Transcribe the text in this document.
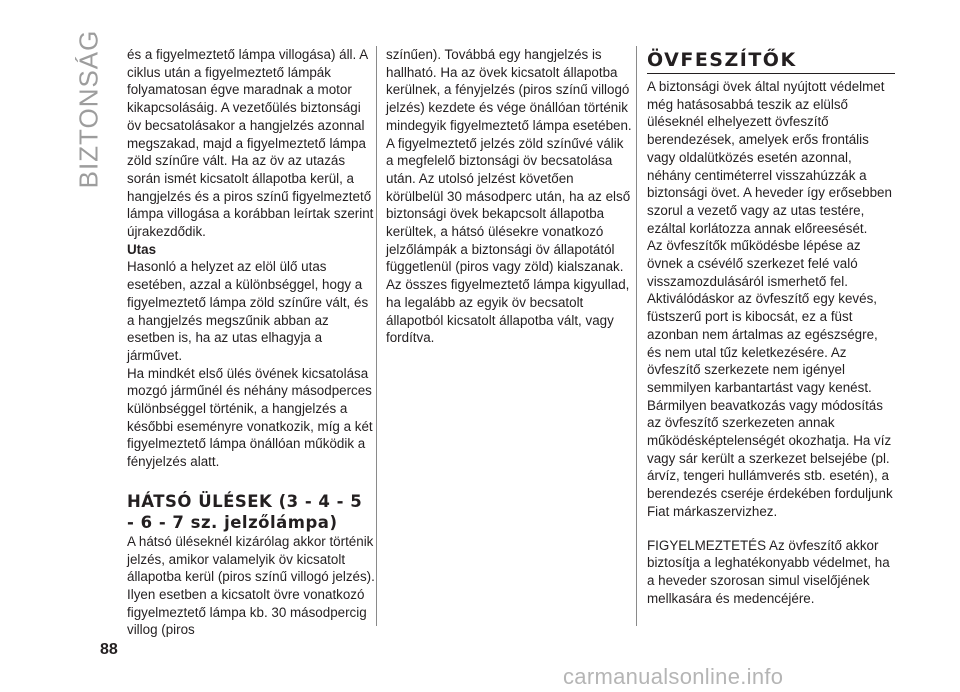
BIZTONSÁG és a figyelmeztető lámpa villogása) áll. A ciklus után a figyelmeztető lámpák folyamatosan égve maradnak a motor kikapcsolásáig. A vezetőülés biztonsági öv becsatolásakor a hangjelzés azonnal megszakad, majd a figyelmeztető lámpa zöld színűre vált. Ha az öv az utazás során ismét kicsatolt állapotba kerül, a hangjelzés és a piros színű figyelmeztető lámpa villogása a korábban leírtak szerint újrakezdődik.

Utas

Hasonló a helyzet az elöl ülő utas esetében, azzal a különbséggel, hogy a figyelmeztető lámpa zöld színűre vált, és a hangjelzés megszűnik abban az esetben is, ha az utas elhagyja a járművet.

Ha mindkét első ülés övének kicsatolása mozgó járműnél és néhány másodperces különbséggel történik, a hangjelzés a későbbi eseményre vonatkozik, míg a két figyelmeztető lámpa önállóan működik a fényjelzés alatt.

HÁTSÓ ÜLÉSEK (3 - 4 - 5 - 6 - 7 sz. jelzőlámpa)

A hátsó üléseknél kizárólag akkor történik jelzés, amikor valamelyik öv kicsatolt állapotba kerül (piros színű villogó jelzés). Ilyen esetben a kicsatolt övre vonatkozó figyelmeztető lámpa kb. 30 másodpercig villog (piros

színűen). Továbbá egy hangjelzés is hallható. Ha az övek kicsatolt állapotba kerülnek, a fényjelzés (piros színű villogó jelzés) kezdete és vége önállóan történik mindegyik figyelmeztető lámpa esetében.

A figyelmeztető jelzés zöld színűvé válik a megfelelő biztonsági öv becsatolása után. Az utolsó jelzést követően körülbelül 30 másodperc után, ha az első biztonsági övek bekapcsolt állapotba kerültek, a hátsó ülésekre vonatkozó jelzőlámpák a biztonsági öv állapotától függetlenül (piros vagy zöld) kialszanak. Az összes figyelmeztető lámpa kigyullad, ha legalább az egyik öv becsatolt állapotból kicsatolt állapotba vált, vagy fordítva.

ÖVFESZÍTŐK

A biztonsági övek által nyújtott védelmet még hatásosabbá teszik az elülső üléseknél elhelyezett övfeszítő berendezések, amelyek erős frontális vagy oldalütközés esetén azonnal, néhány centiméterrel visszahúzzák a biztonsági övet. A heveder így erősebben szorul a vezető vagy az utas testére, ezáltal korlátozza annak előreesését.

Az övfeszítők működésbe lépése az övnek a csévélő szerkezet felé való visszamozdulásáról ismerhető fel.

Aktiválódáskor az övfeszítő egy kevés, füstszerű port is kibocsát, ez a füst azonban nem ártalmas az egészségre, és nem utal tűz keletkezésére. Az övfeszítő szerkezete nem igényel semmilyen karbantartást vagy kenést. Bármilyen beavatkozás vagy módosítás az övfeszítő szerkezeten annak működésképtelenségét okozhatja. Ha víz vagy sár került a szerkezet belsejébe (pl. árvíz, tengeri hullámverés stb. esetén), a berendezés cseréje érdekében forduljunk Fiat márkaszervizhez.

FIGYELMEZTETÉS Az övfeszítő akkor biztosítja a leghatékonyabb védelmet, ha a heveder szorosan simul viselőjének mellkasára és medencéjére.

88
carmanualsonline.info
